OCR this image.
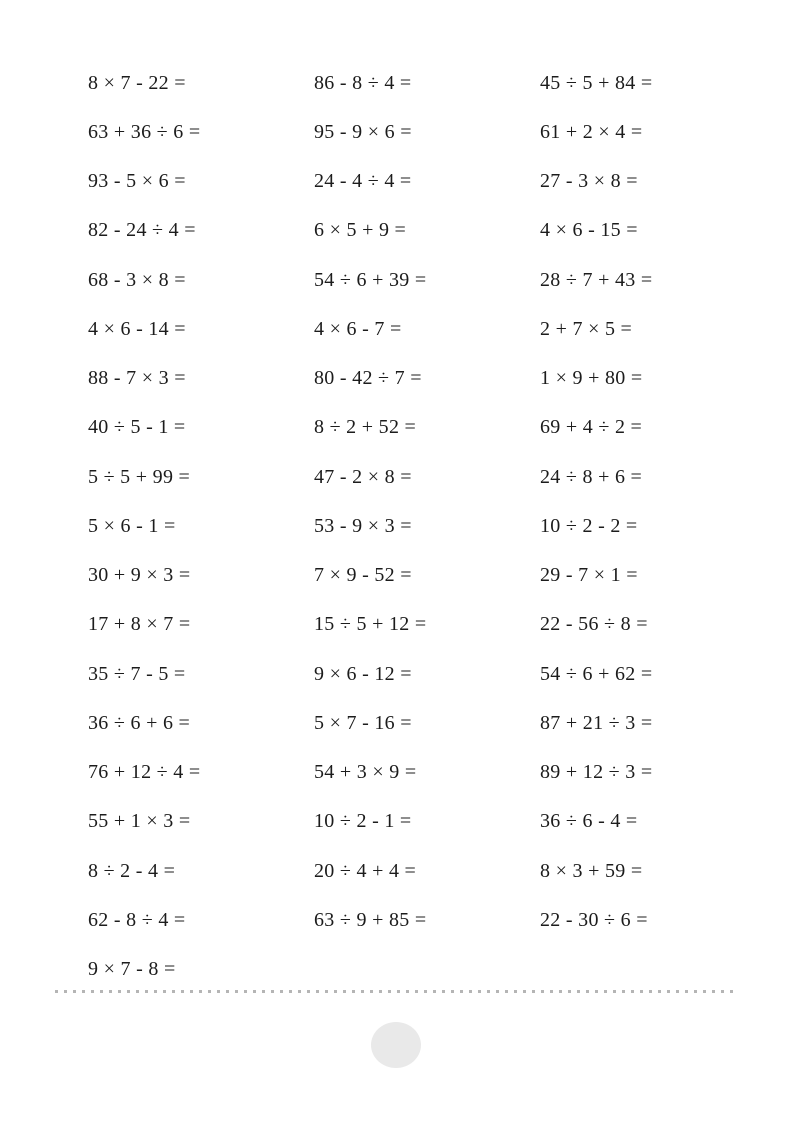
8 × 7 - 22 =	86 - 8 ÷ 4 =	45 ÷ 5 + 84 =
63 + 36 ÷ 6 =	95 - 9 × 6 =	61 + 2 × 4 =
93 - 5 × 6 =	24 - 4 ÷ 4 =	27 - 3 × 8 =
82 - 24 ÷ 4 =	6 × 5 + 9 =	4 × 6 - 15 =
68 - 3 × 8 =	54 ÷ 6 + 39 =	28 ÷ 7 + 43 =
4 × 6 - 14 =	4 × 6 - 7 =	2 + 7 × 5 =
88 - 7 × 3 =	80 - 42 ÷ 7 =	1 × 9 + 80 =
40 ÷ 5 - 1 =	8 ÷ 2 + 52 =	69 + 4 ÷ 2 =
5 ÷ 5 + 99 =	47 - 2 × 8 =	24 ÷ 8 + 6 =
5 × 6 - 1 =	53 - 9 × 3 =	10 ÷ 2 - 2 =
30 + 9 × 3 =	7 × 9 - 52 =	29 - 7 × 1 =
17 + 8 × 7 =	15 ÷ 5 + 12 =	22 - 56 ÷ 8 =
35 ÷ 7 - 5 =	9 × 6 - 12 =	54 ÷ 6 + 62 =
36 ÷ 6 + 6 =	5 × 7 - 16 =	87 + 21 ÷ 3 =
76 + 12 ÷ 4 =	54 + 3 × 9 =	89 + 12 ÷ 3 =
55 + 1 × 3 =	10 ÷ 2 - 1 =	36 ÷ 6 - 4 =
8 ÷ 2 - 4 =	20 ÷ 4 + 4 =	8 × 3 + 59 =
62 - 8 ÷ 4 =	63 ÷ 9 + 85 =	22 - 30 ÷ 6 =
9 × 7 - 8 =
